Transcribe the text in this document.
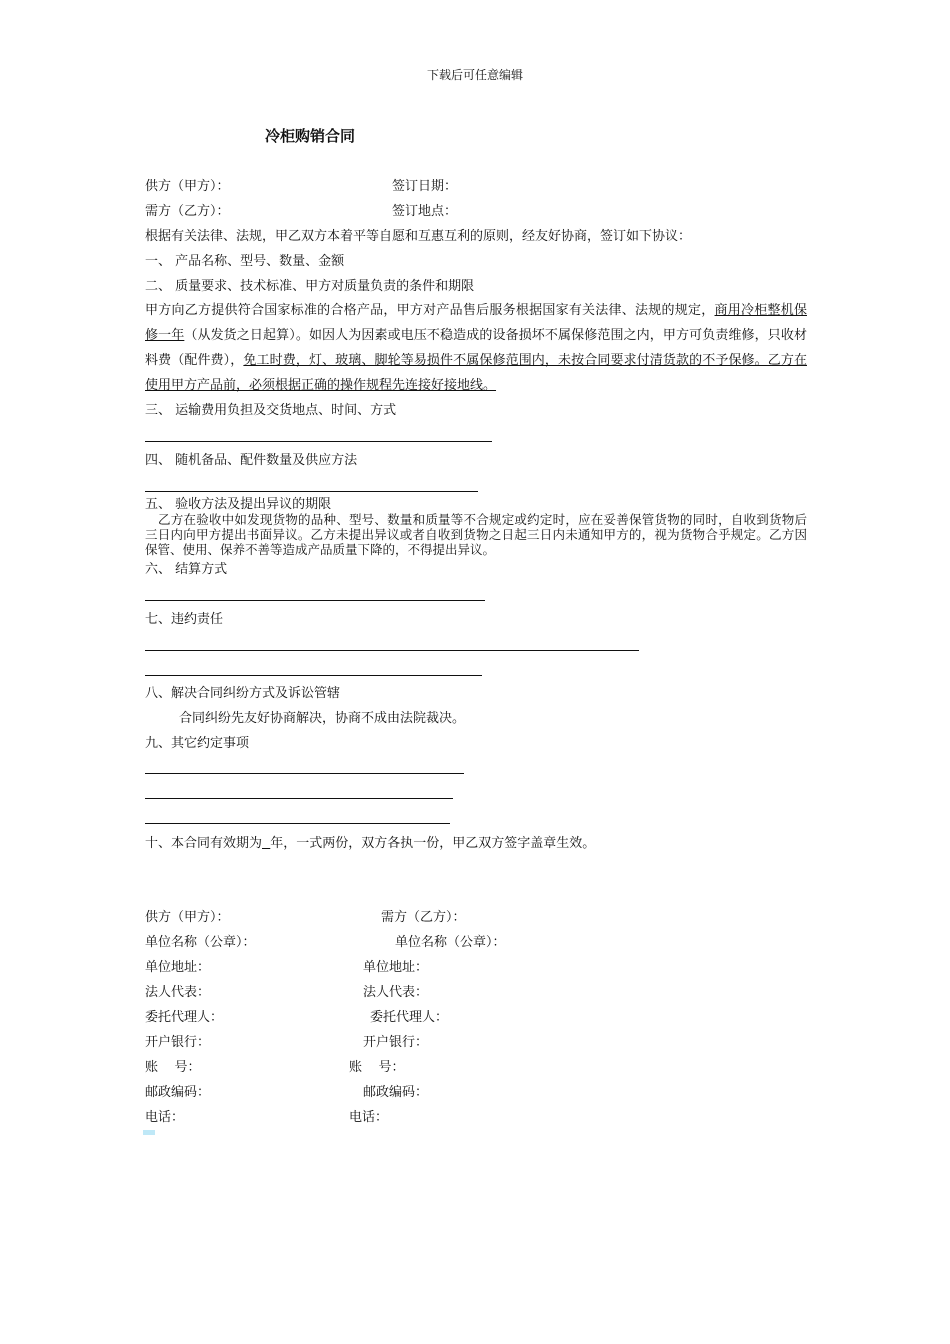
下载后可任意编辑
冷柜购销合同
供方（甲方）：	签订日期：
需方（乙方）：	签订地点：
根据有关法律、法规，甲乙双方本着平等自愿和互惠互利的原则，经友好协商，签订如下协议：
一、 产品名称、型号、数量、金额
二、 质量要求、技术标准、甲方对质量负责的条件和期限
甲方向乙方提供符合国家标准的合格产品，甲方对产品售后服务根据国家有关法律、法规的规定，商用冷柜整机保修一年（从发货之日起算）。如因人为因素或电压不稳造成的设备损坏不属保修范围之内，甲方可负责维修，只收材料费（配件费），免工时费，灯、玻璃、脚轮等易损件不属保修范围内，未按合同要求付清货款的不予保修。乙方在使用甲方产品前，必须根据正确的操作规程先连接好接地线。
三、 运输费用负担及交货地点、时间、方式
四、 随机备品、配件数量及供应方法
五、 验收方法及提出异议的期限
乙方在验收中如发现货物的品种、型号、数量和质量等不合规定或约定时，应在妥善保管货物的同时，自收到货物后三日内向甲方提出书面异议。乙方未提出异议或者自收到货物之日起三日内未通知甲方的，视为货物合乎规定。乙方因保管、使用、保养不善等造成产品质量下降的，不得提出异议。
六、 结算方式
七、违约责任
八、解决合同纠纷方式及诉讼管辖
合同纠纷先友好协商解决，协商不成由法院裁决。
九、其它约定事项
十、本合同有效期为 年，一式两份，双方各执一份，甲乙双方签字盖章生效。
供方（甲方）：	需方（乙方）：
单位名称（公章）：	单位名称（公章）：
单位地址：	单位地址：
法人代表：	法人代表：
委托代理人：	委托代理人：
开户银行：	开户银行：
账    号：	账    号：
邮政编码：	邮政编码：
电话：	电话：
